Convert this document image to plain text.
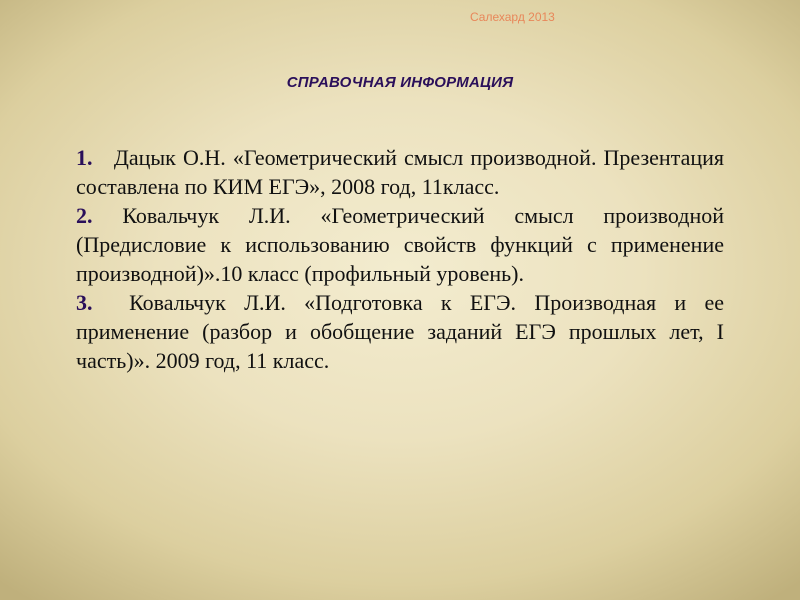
Салехард 2013
СПРАВОЧНАЯ ИНФОРМАЦИЯ

1. Дацык О.Н. «Геометрический смысл производной. Презентация составлена по КИМ ЕГЭ», 2008 год, 11класс.

2. Ковальчук Л.И. «Геометрический смысл производной (Предисловие к использованию свойств функций с применение производной)».10 класс (профильный уровень).

3. Ковальчук Л.И. «Подготовка к ЕГЭ. Производная и ее применение (разбор и обобщение заданий ЕГЭ прошлых лет, I часть)». 2009 год, 11 класс.
